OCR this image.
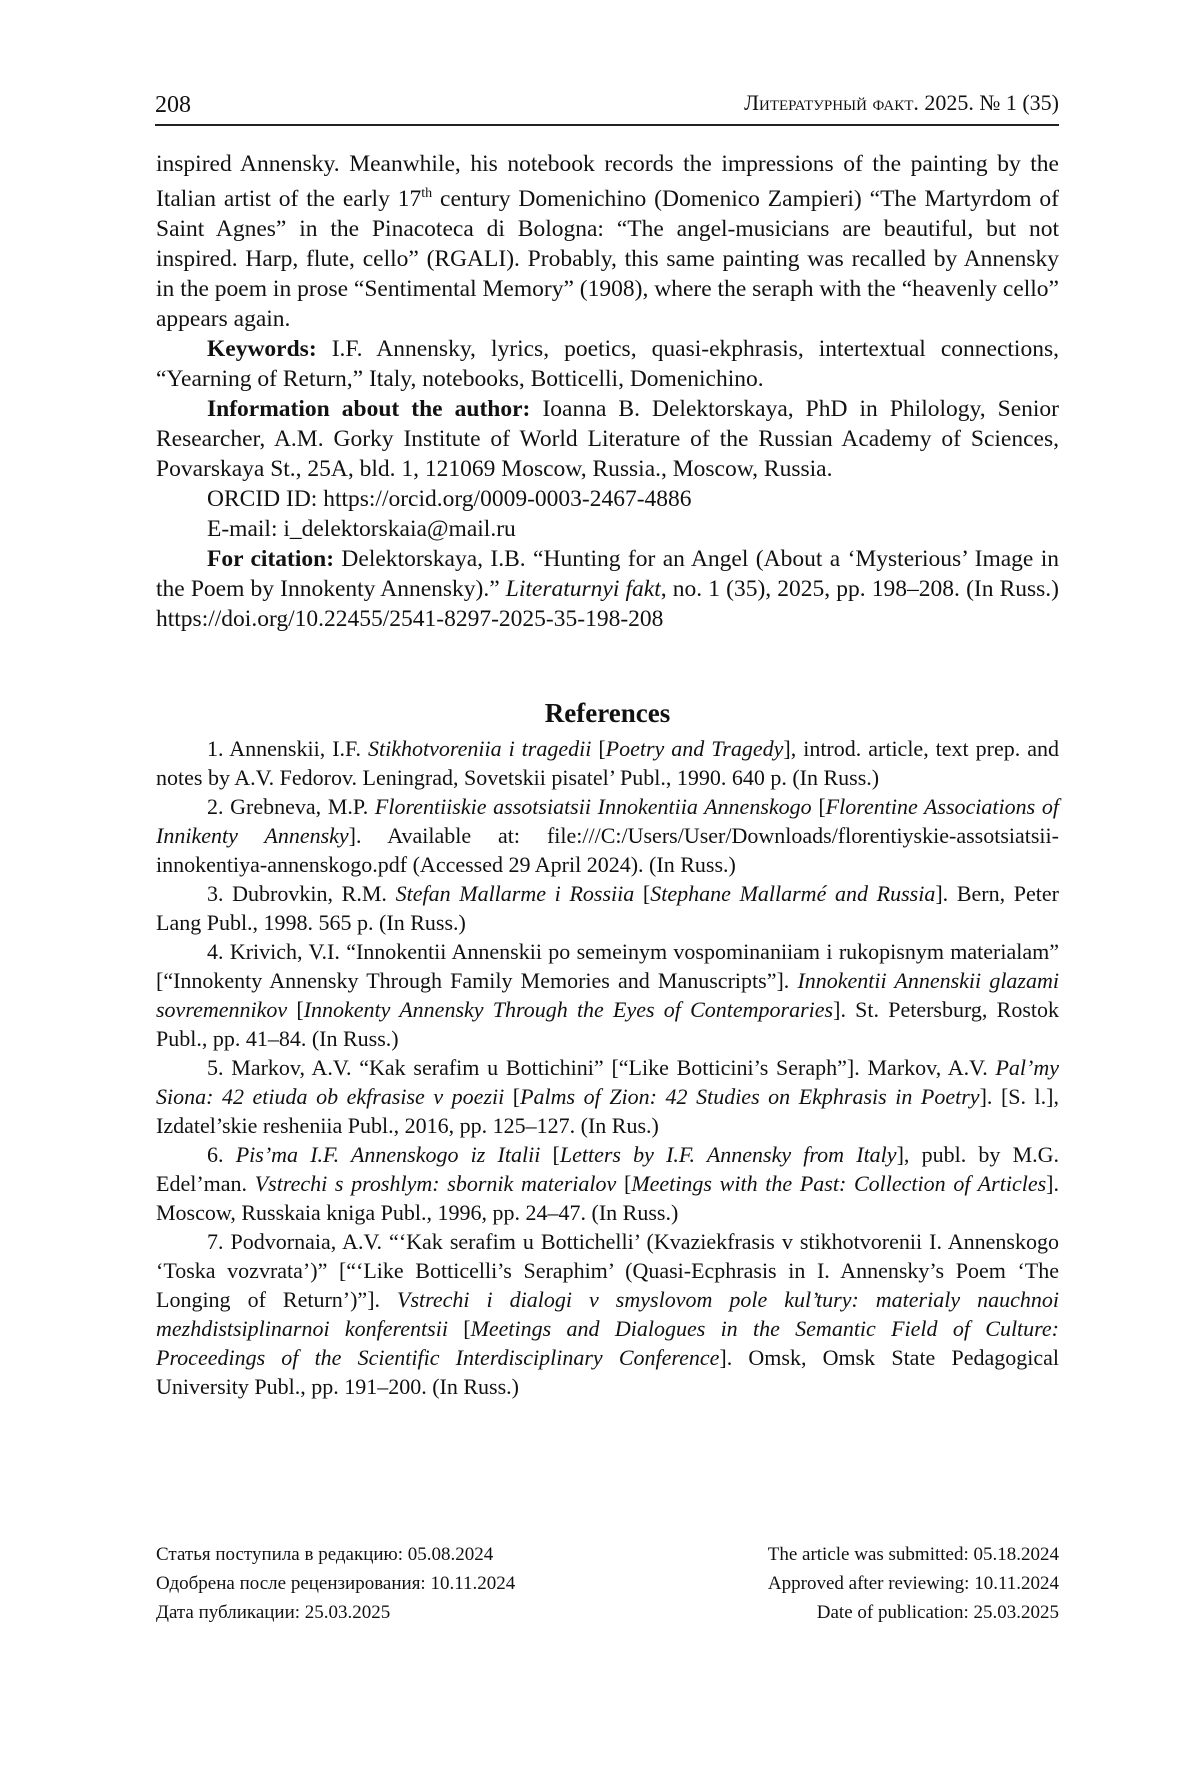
208	Литературный факт. 2025. № 1 (35)

inspired Annensky. Meanwhile, his notebook records the impressions of the painting by the Italian artist of the early 17th century Domenichino (Domenico Zampieri) “The Martyrdom of Saint Agnes” in the Pinacoteca di Bologna: “The angel-musicians are beautiful, but not inspired. Harp, flute, cello” (RGALI). Probably, this same painting was recalled by Annensky in the poem in prose “Sentimental Memory” (1908), where the seraph with the “heavenly cello” appears again.

Keywords: I.F. Annensky, lyrics, poetics, quasi-ekphrasis, intertextual connections, “Yearning of Return,” Italy, notebooks, Botticelli, Domenichino.

Information about the author: Ioanna B. Delektorskaya, PhD in Philology, Senior Researcher, A.M. Gorky Institute of World Literature of the Russian Academy of Sciences, Povarskaya St., 25A, bld. 1, 121069 Moscow, Russia., Moscow, Russia.

ORCID ID: https://orcid.org/0009-0003-2467-4886

E-mail: i_delektorskaia@mail.ru

For citation: Delektorskaya, I.B. “Hunting for an Angel (About a ‘Mysterious’ Image in the Poem by Innokenty Annensky).” Literaturnyi fakt, no. 1 (35), 2025, pp. 198–208. (In Russ.) https://doi.org/10.22455/2541-8297-2025-35-198-208

References

1. Annenskii, I.F. Stikhotvoreniia i tragedii [Poetry and Tragedy], introd. article, text prep. and notes by A.V. Fedorov. Leningrad, Sovetskii pisatel’ Publ., 1990. 640 p. (In Russ.)

2. Grebneva, M.P. Florentiiskie assotsiatsii Innokentiia Annenskogo [Florentine Associations of Innikenty Annensky]. Available at: file:///C:/Users/User/Downloads/florentiyskie-assotsiatsii-innokentiya-annenskogo.pdf (Accessed 29 April 2024). (In Russ.)

3. Dubrovkin, R.M. Stefan Mallarme i Rossiia [Stephane Mallarmé and Russia]. Bern, Peter Lang Publ., 1998. 565 p. (In Russ.)

4. Krivich, V.I. “Innokentii Annenskii po semeinym vospominaniiam i rukopisnym materialam” [“Innokenty Annensky Through Family Memories and Manuscripts”]. Innokentii Annenskii glazami sovremennikov [Innokenty Annensky Through the Eyes of Contemporaries]. St. Petersburg, Rostok Publ., pp. 41–84. (In Russ.)

5. Markov, A.V. “Kak serafim u Bottichini” [“Like Botticini’s Seraph”]. Markov, A.V. Pal’my Siona: 42 etiuda ob ekfrasise v poezii [Palms of Zion: 42 Studies on Ekphrasis in Poetry]. [S. l.], Izdatel’skie resheniia Publ., 2016, pp. 125–127. (In Rus.)

6. Pis’ma I.F. Annenskogo iz Italii [Letters by I.F. Annensky from Italy], publ. by M.G. Edel’man. Vstrechi s proshlym: sbornik materialov [Meetings with the Past: Collection of Articles]. Moscow, Russkaia kniga Publ., 1996, pp. 24–47. (In Russ.)

7. Podvornaia, A.V. “‘Kak serafim u Bottichelli’ (Kvaziekfrasis v stikhotvorenii I. Annenskogo ‘Toska vozvrata’)” [“‘Like Botticelli’s Seraphim’ (Quasi-Ecphrasis in I. Annensky’s Poem ‘The Longing of Return’)”]. Vstrechi i dialogi v smyslovom pole kul’tury: materialy nauchnoi mezhdistsiplinarnoi konferentsii [Meetings and Dialogues in the Semantic Field of Culture: Proceedings of the Scientific Interdisciplinary Conference]. Omsk, Omsk State Pedagogical University Publ., pp. 191–200. (In Russ.)

Статья поступила в редакцию: 05.08.2024	The article was submitted: 05.18.2024
Одобрена после рецензирования: 10.11.2024	Approved after reviewing: 10.11.2024
Дата публикации: 25.03.2025	Date of publication: 25.03.2025
